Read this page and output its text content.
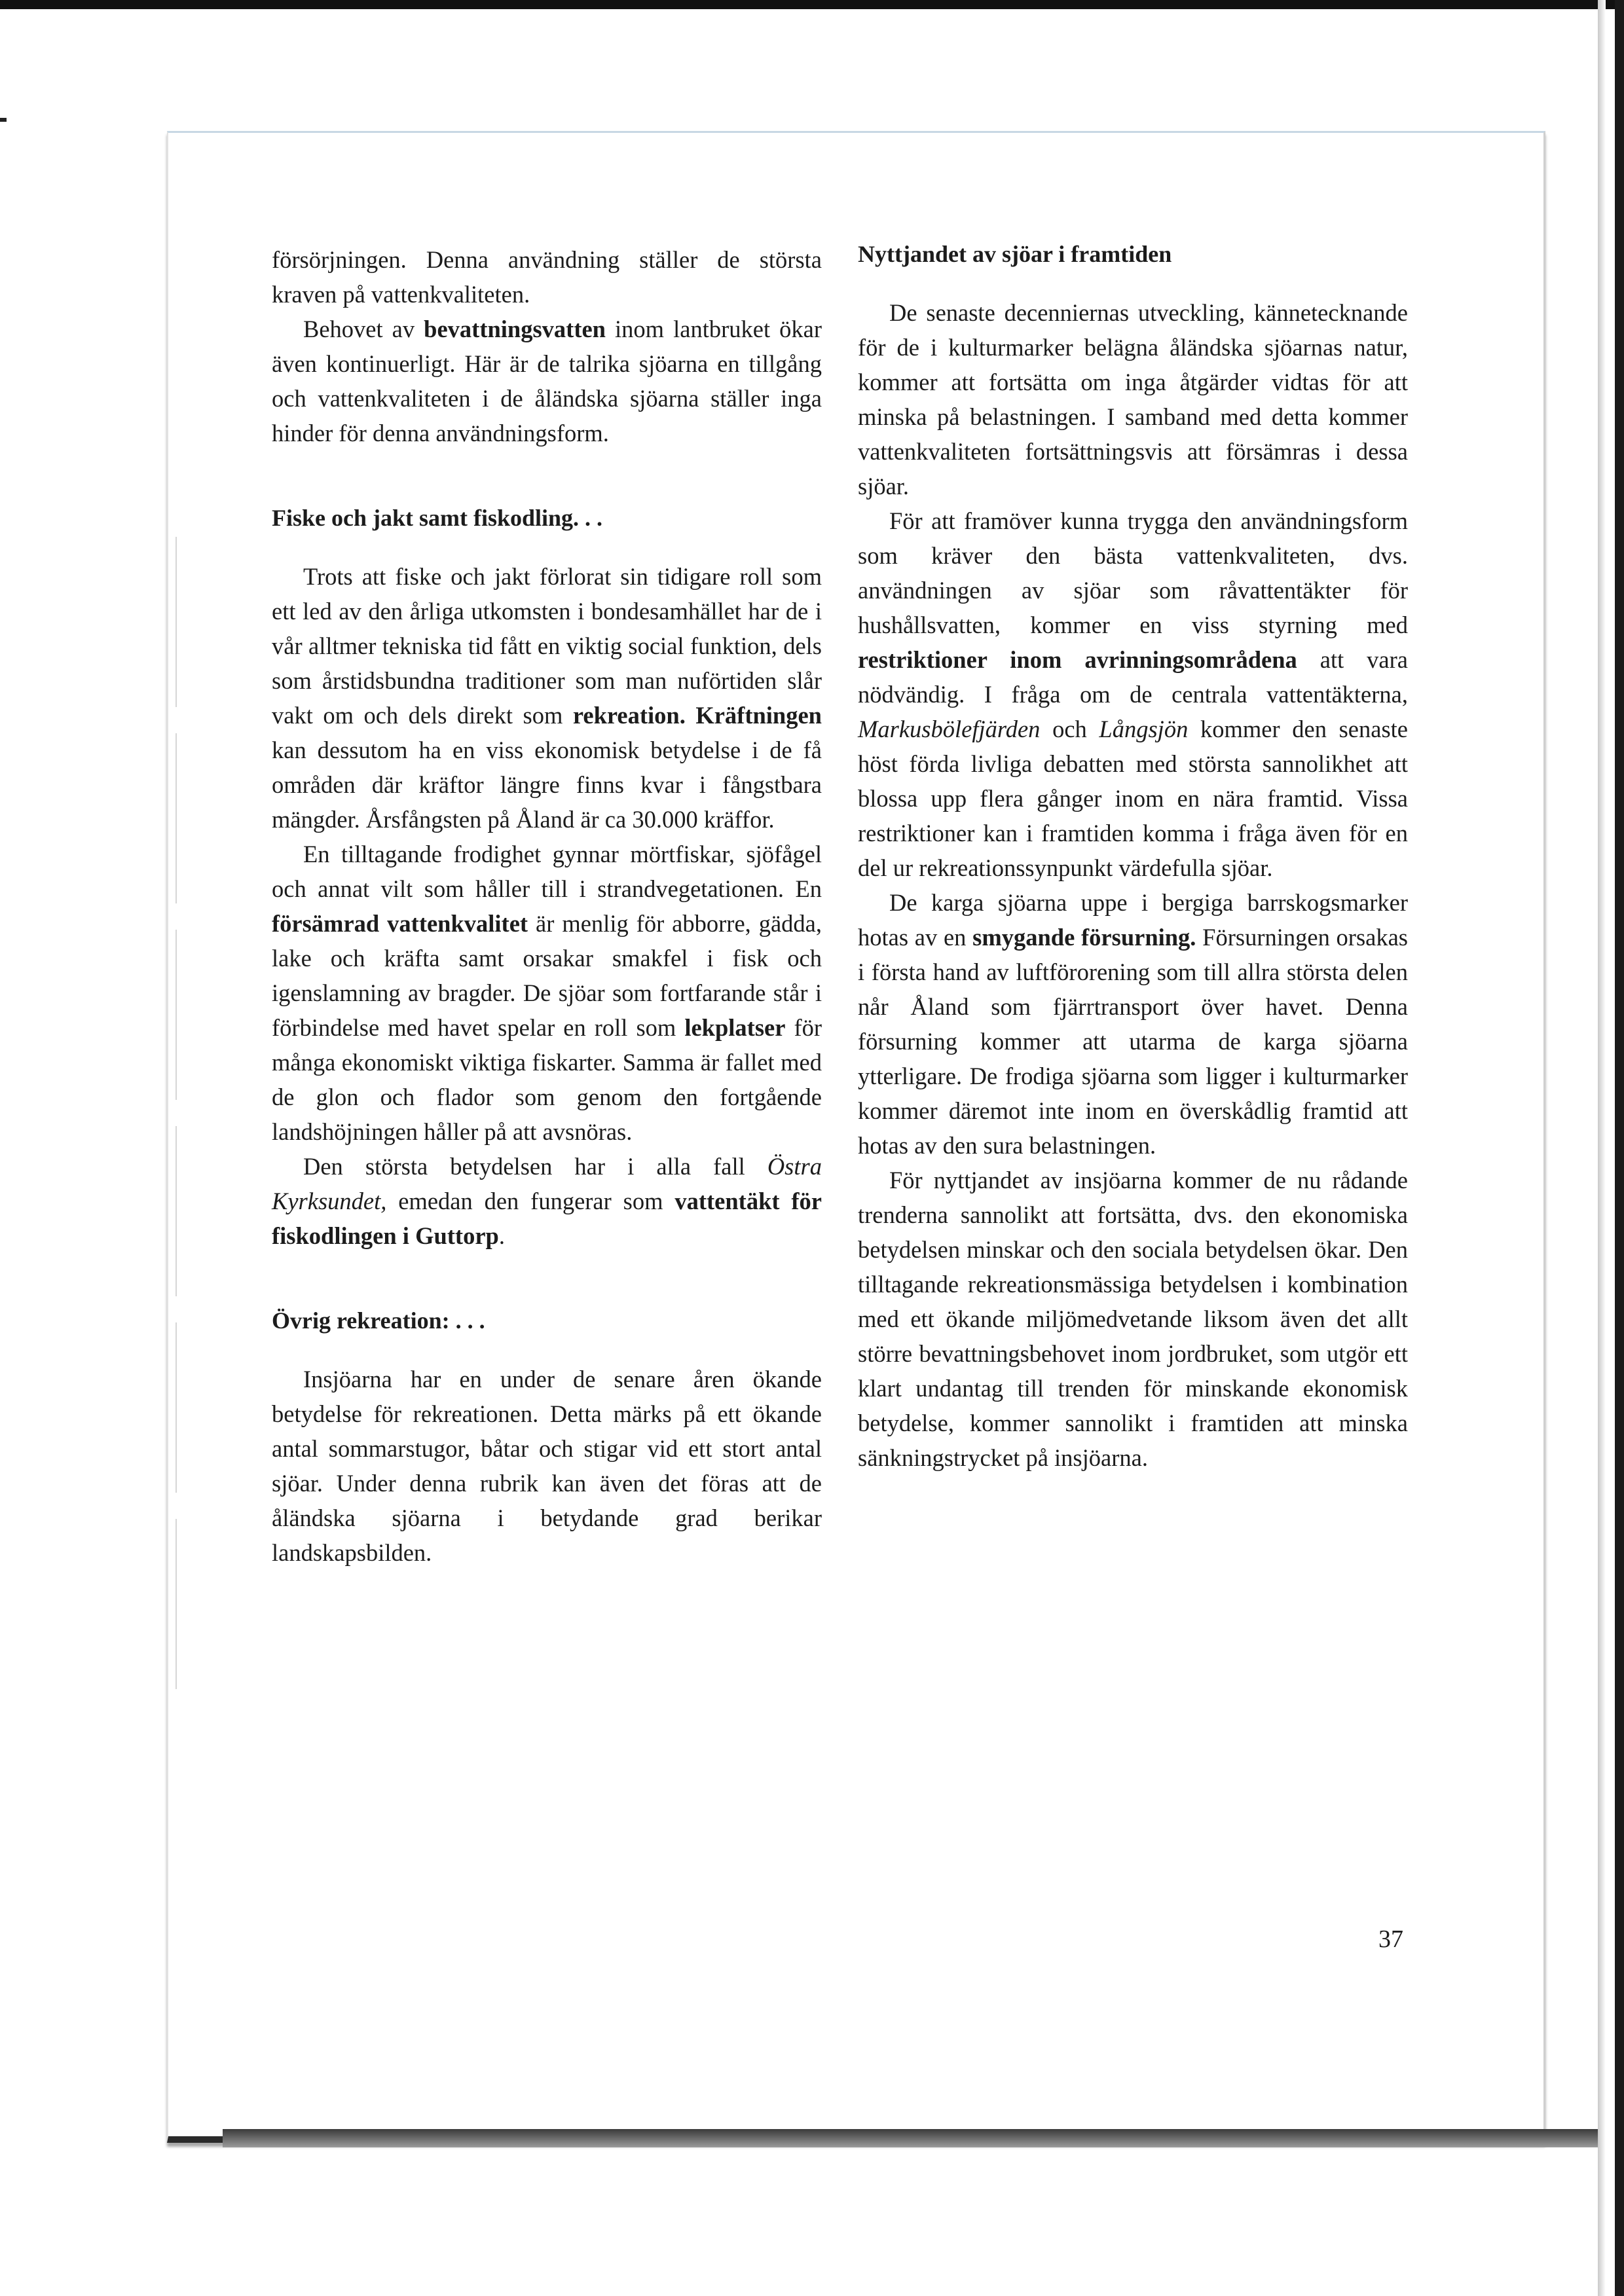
försörjningen. Denna användning ställer de största kraven på vattenkvaliteten.

Behovet av bevattningsvatten inom lantbruket ökar även kontinuerligt. Här är de talrika sjöarna en tillgång och vattenkvaliteten i de åländska sjöarna ställer inga hinder för denna användningsform.

Fiske och jakt samt fiskodling. . .

Trots att fiske och jakt förlorat sin tidigare roll som ett led av den årliga utkomsten i bondesamhället har de i vår alltmer tekniska tid fått en viktig social funktion, dels som årstidsbundna traditioner som man nuförtiden slår vakt om och dels direkt som rekreation. Kräftningen kan dessutom ha en viss ekonomisk betydelse i de få områden där kräftor längre finns kvar i fångstbara mängder. Årsfångsten på Åland är ca 30.000 kräffor.

En tilltagande frodighet gynnar mörtfiskar, sjöfågel och annat vilt som håller till i strandvegetationen. En försämrad vattenkvalitet är menlig för abborre, gädda, lake och kräfta samt orsakar smakfel i fisk och igenslamning av bragder. De sjöar som fortfarande står i förbindelse med havet spelar en roll som lekplatser för många ekonomiskt viktiga fiskarter. Samma är fallet med de glon och flador som genom den fortgående landshöjningen håller på att avsnöras.

Den största betydelsen har i alla fall Östra Kyrksundet, emedan den fungerar som vattentäkt för fiskodlingen i Guttorp.

Övrig rekreation: . . .

Insjöarna har en under de senare åren ökande betydelse för rekreationen. Detta märks på ett ökande antal sommarstugor, båtar och stigar vid ett stort antal sjöar. Under denna rubrik kan även det föras att de åländska sjöarna i betydande grad berikar landskapsbilden.

Nyttjandet av sjöar i framtiden

De senaste decenniernas utveckling, kännetecknande för de i kulturmarker belägna åländska sjöarnas natur, kommer att fortsätta om inga åtgärder vidtas för att minska på belastningen. I samband med detta kommer vattenkvaliteten fortsättningsvis att försämras i dessa sjöar.

För att framöver kunna trygga den användningsform som kräver den bästa vattenkvaliteten, dvs. användningen av sjöar som råvattentäkter för hushållsvatten, kommer en viss styrning med restriktioner inom avrinningsområdena att vara nödvändig. I fråga om de centrala vattentäkterna, Markusbölefjärden och Långsjön kommer den senaste höst förda livliga debatten med största sannolikhet att blossa upp flera gånger inom en nära framtid. Vissa restriktioner kan i framtiden komma i fråga även för en del ur rekreationssynpunkt värdefulla sjöar.

De karga sjöarna uppe i bergiga barrskogsmarker hotas av en smygande försurning. Försurningen orsakas i första hand av luftförorening som till allra största delen når Åland som fjärrtransport över havet. Denna försurning kommer att utarma de karga sjöarna ytterligare. De frodiga sjöarna som ligger i kulturmarker kommer däremot inte inom en överskådlig framtid att hotas av den sura belastningen.

För nyttjandet av insjöarna kommer de nu rådande trenderna sannolikt att fortsätta, dvs. den ekonomiska betydelsen minskar och den sociala betydelsen ökar. Den tilltagande rekreationsmässiga betydelsen i kombination med ett ökande miljömedvetande liksom även det allt större bevattningsbehovet inom jordbruket, som utgör ett klart undantag till trenden för minskande ekonomisk betydelse, kommer sannolikt i framtiden att minska sänkningstrycket på insjöarna.

37
